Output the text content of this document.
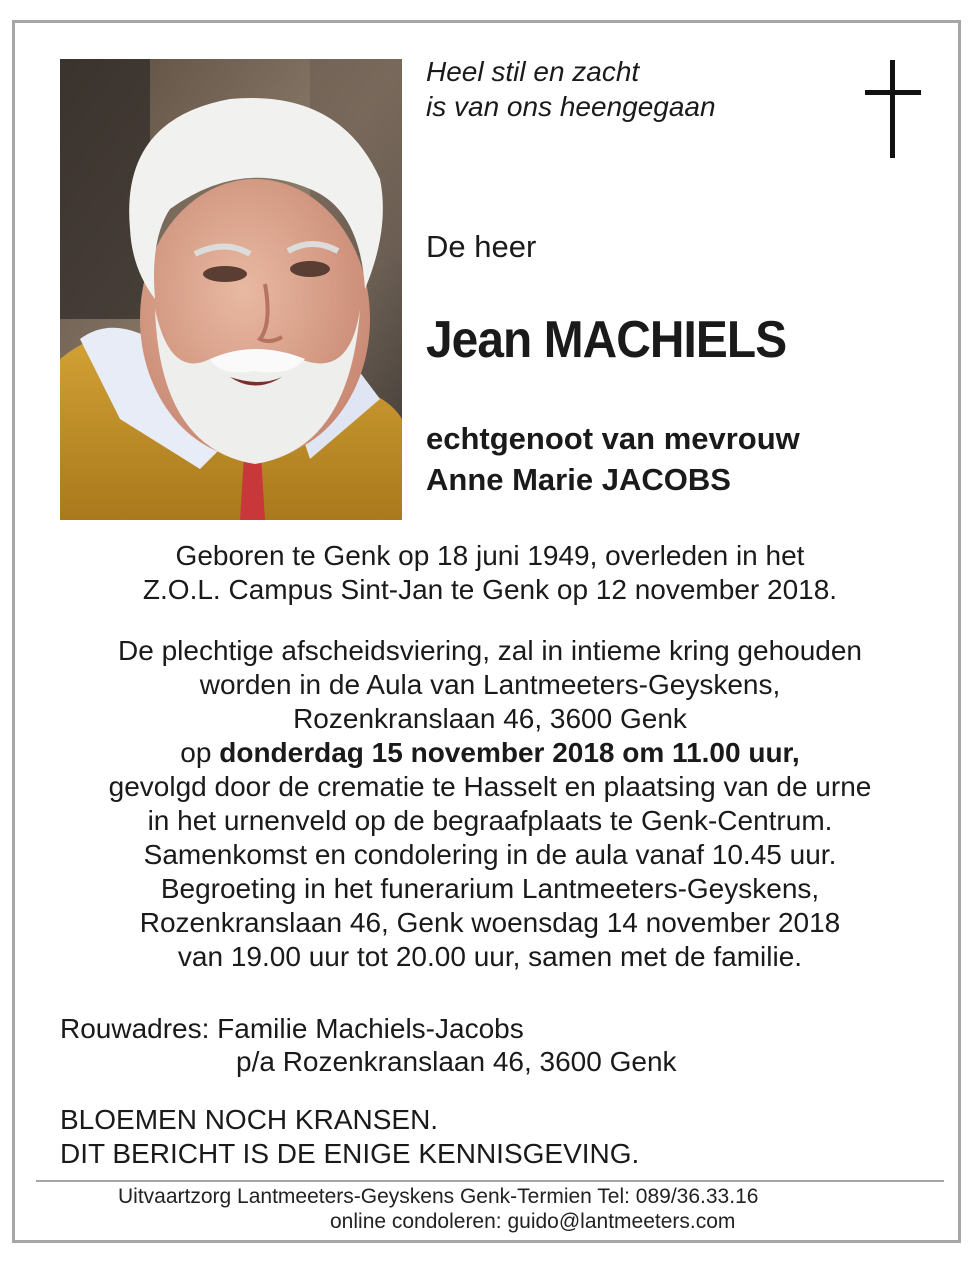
Heel stil en zacht
is van ons heengegaan

De heer

Jean MACHIELS

echtgenoot van mevrouw
Anne Marie JACOBS

Geboren te Genk op 18 juni 1949, overleden in het
Z.O.L. Campus Sint-Jan te Genk op 12 november 2018.

De plechtige afscheidsviering, zal in intieme kring gehouden
worden in de Aula van Lantmeeters-Geyskens,
Rozenkranslaan 46, 3600 Genk
op donderdag 15 november 2018 om 11.00 uur,
gevolgd door de crematie te Hasselt en plaatsing van de urne
in het urnenveld op de begraafplaats te Genk-Centrum.
Samenkomst en condolering in de aula vanaf 10.45 uur.
Begroeting in het funerarium Lantmeeters-Geyskens,
Rozenkranslaan 46, Genk woensdag 14 november 2018
van 19.00 uur tot 20.00 uur, samen met de familie.

Rouwadres: Familie Machiels-Jacobs

p/a Rozenkranslaan 46, 3600 Genk

BLOEMEN NOCH KRANSEN.
DIT BERICHT IS DE ENIGE KENNISGEVING.

Uitvaartzorg Lantmeeters-Geyskens Genk-Termien Tel: 089/36.33.16

online condoleren: guido@lantmeeters.com
